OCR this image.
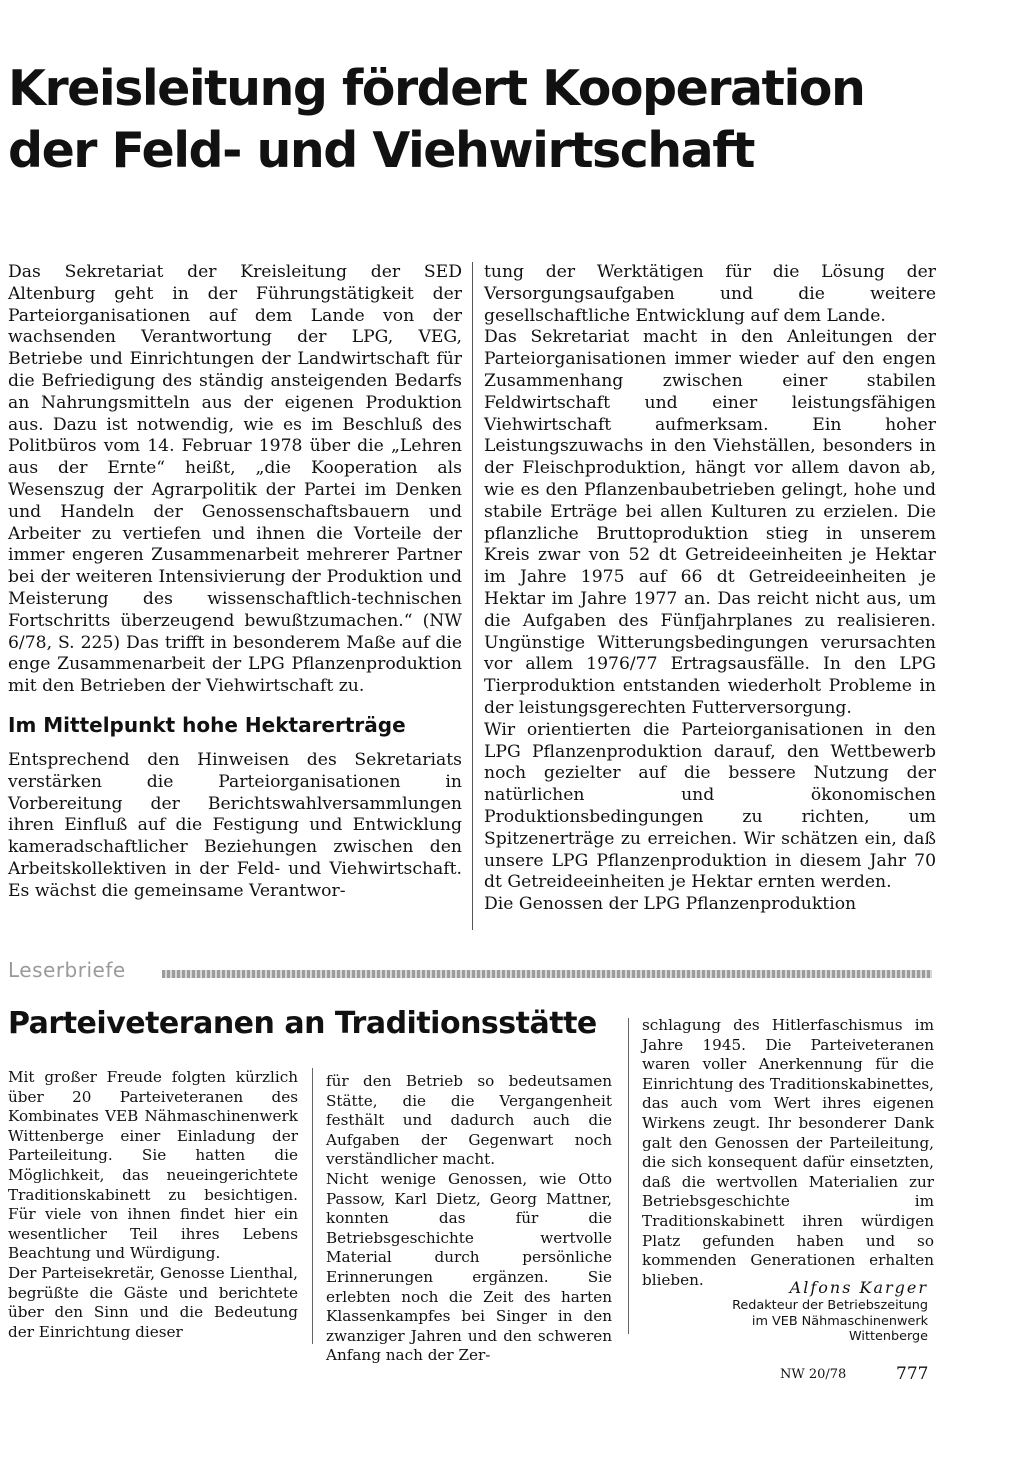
Kreisleitung fördert Kooperation
der Feld- und Viehwirtschaft

Das Sekretariat der Kreisleitung der SED Altenburg geht in der Führungstätigkeit der Parteiorganisationen auf dem Lande von der wachsenden Verantwortung der LPG, VEG, Betriebe und Einrichtungen der Landwirtschaft für die Befriedigung des ständig ansteigenden Bedarfs an Nahrungsmitteln aus der eigenen Produktion aus. Dazu ist notwendig, wie es im Beschluß des Politbüros vom 14. Februar 1978 über die „Lehren aus der Ernte“ heißt, „die Kooperation als Wesenszug der Agrarpolitik der Partei im Denken und Handeln der Genossenschaftsbauern und Arbeiter zu vertiefen und ihnen die Vorteile der immer engeren Zusammenarbeit mehrerer Partner bei der weiteren Intensivierung der Produktion und Meisterung des wissenschaftlich-technischen Fortschritts überzeugend bewußtzumachen.“ (NW 6/78, S. 225) Das trifft in besonderem Maße auf die enge Zusammenarbeit der LPG Pflanzenproduktion mit den Betrieben der Viehwirtschaft zu.

Im Mittelpunkt hohe Hektarerträge

Entsprechend den Hinweisen des Sekretariats verstärken die Parteiorganisationen in Vorbereitung der Berichtswahlversammlungen ihren Einfluß auf die Festigung und Entwicklung kameradschaftlicher Beziehungen zwischen den Arbeitskollektiven in der Feld- und Viehwirtschaft. Es wächst die gemeinsame Verantwor-

tung der Werktätigen für die Lösung der Versorgungsaufgaben und die weitere gesellschaftliche Entwicklung auf dem Lande.

Das Sekretariat macht in den Anleitungen der Parteiorganisationen immer wieder auf den engen Zusammenhang zwischen einer stabilen Feldwirtschaft und einer leistungsfähigen Viehwirtschaft aufmerksam. Ein hoher Leistungszuwachs in den Viehställen, besonders in der Fleischproduktion, hängt vor allem davon ab, wie es den Pflanzenbaubetrieben gelingt, hohe und stabile Erträge bei allen Kulturen zu erzielen. Die pflanzliche Bruttoproduktion stieg in unserem Kreis zwar von 52 dt Getreideeinheiten je Hektar im Jahre 1975 auf 66 dt Getreideeinheiten je Hektar im Jahre 1977 an. Das reicht nicht aus, um die Aufgaben des Fünfjahrplanes zu realisieren. Ungünstige Witterungsbedingungen verursachten vor allem 1976/77 Ertragsausfälle. In den LPG Tierproduktion entstanden wiederholt Probleme in der leistungsgerechten Futterversorgung.

Wir orientierten die Parteiorganisationen in den LPG Pflanzenproduktion darauf, den Wettbewerb noch gezielter auf die bessere Nutzung der natürlichen und ökonomischen Produktionsbedingungen zu richten, um Spitzenerträge zu erreichen. Wir schätzen ein, daß unsere LPG Pflanzenproduktion in diesem Jahr 70 dt Getreideeinheiten je Hektar ernten werden.

Die Genossen der LPG Pflanzenproduktion

Leserbriefe
Parteiveteranen an Traditionsstätte

Mit großer Freude folgten kürzlich über 20 Parteiveteranen des Kombinates VEB Nähmaschinenwerk Wittenberge einer Einladung der Parteileitung. Sie hatten die Möglichkeit, das neueingerichtete Traditionskabinett zu besichtigen. Für viele von ihnen findet hier ein wesentlicher Teil ihres Lebens Beachtung und Würdigung.

Der Parteisekretär, Genosse Lienthal, begrüßte die Gäste und berichtete über den Sinn und die Bedeutung der Einrichtung dieser

für den Betrieb so bedeutsamen Stätte, die die Vergangenheit festhält und dadurch auch die Aufgaben der Gegenwart noch verständlicher macht.

Nicht wenige Genossen, wie Otto Passow, Karl Dietz, Georg Mattner, konnten das für die Betriebsgeschichte wertvolle Material durch persönliche Erinnerungen ergänzen. Sie erlebten noch die Zeit des harten Klassenkampfes bei Singer in den zwanziger Jahren und den schweren Anfang nach der Zer-

schlagung des Hitlerfaschismus im Jahre 1945. Die Parteiveteranen waren voller Anerkennung für die Einrichtung des Traditionskabinettes, das auch vom Wert ihres eigenen Wirkens zeugt. Ihr besonderer Dank galt den Genossen der Parteileitung, die sich konsequent dafür einsetzten, daß die wertvollen Materialien zur Betriebsgeschichte im Traditionskabinett ihren würdigen Platz gefunden haben und so kommenden Generationen erhalten blieben.	Alfons Karger
Redakteur der Betriebszeitung
im VEB Nähmaschinenwerk
Wittenberge
NW 20/78	777
